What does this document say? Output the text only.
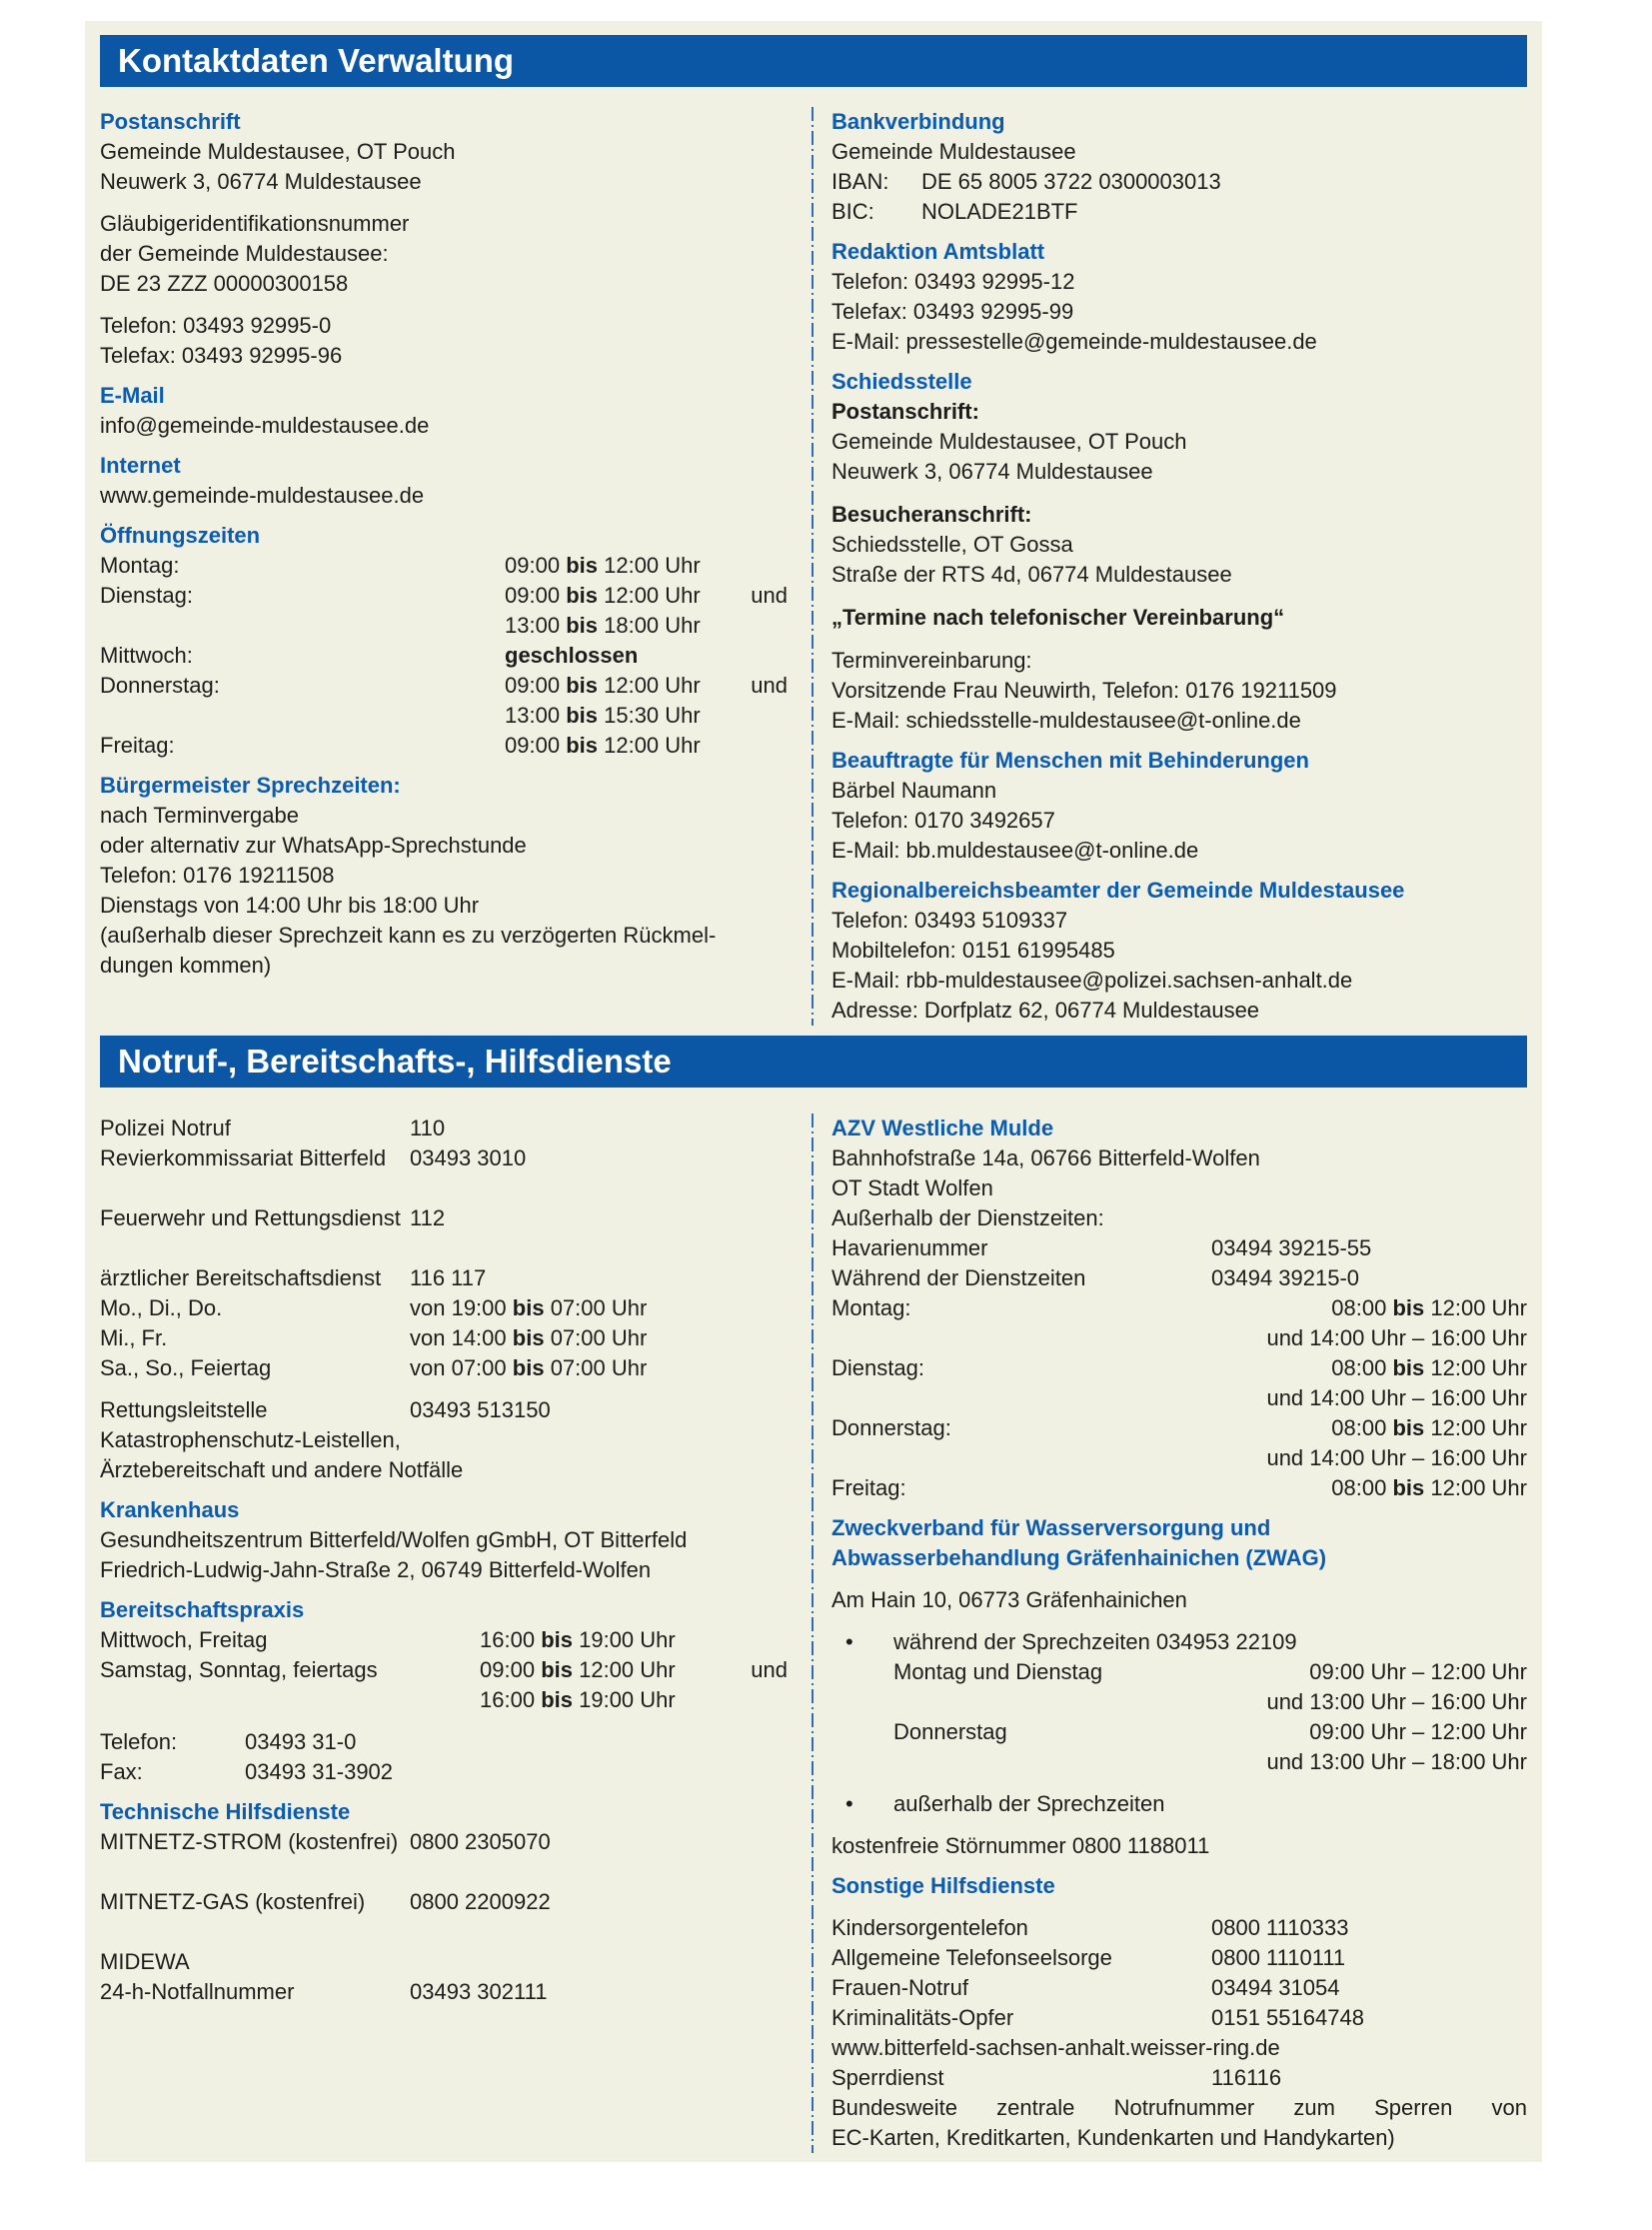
Kontaktdaten Verwaltung
Postanschrift
Gemeinde Muldestausee, OT Pouch
Neuwerk 3, 06774 Muldestausee
Gläubigeridentifikationsnummer
der Gemeinde Muldestausee:
DE 23 ZZZ 00000300158
Telefon: 03493 92995-0
Telefax: 03493 92995-96
E-Mail
info@gemeinde-muldestausee.de
Internet
www.gemeinde-muldestausee.de
Öffnungszeiten
Montag:	09:00 bis 12:00 Uhr
Dienstag:	09:00 bis 12:00 Uhr und
13:00 bis 18:00 Uhr
Mittwoch:	geschlossen
Donnerstag:	09:00 bis 12:00 Uhr und
13:00 bis 15:30 Uhr
Freitag:	09:00 bis 12:00 Uhr
Bürgermeister Sprechzeiten:
nach Terminvergabe
oder alternativ zur WhatsApp-Sprechstunde
Telefon: 0176 19211508
Dienstags von 14:00 Uhr bis 18:00 Uhr
(außerhalb dieser Sprechzeit kann es zu verzögerten Rückmel-
dungen kommen)
Bankverbindung
Gemeinde Muldestausee
IBAN:	DE 65 8005 3722 0300003013
BIC:	NOLADE21BTF
Redaktion Amtsblatt
Telefon: 03493 92995-12
Telefax: 03493 92995-99
E-Mail: pressestelle@gemeinde-muldestausee.de
Schiedsstelle
Postanschrift:
Gemeinde Muldestausee, OT Pouch
Neuwerk 3, 06774 Muldestausee
Besucheranschrift:
Schiedsstelle, OT Gossa
Straße der RTS 4d, 06774 Muldestausee
„Termine nach telefonischer Vereinbarung“
Terminvereinbarung:
Vorsitzende Frau Neuwirth, Telefon: 0176 19211509
E-Mail: schiedsstelle-muldestausee@t-online.de
Beauftragte für Menschen mit Behinderungen
Bärbel Naumann
Telefon: 0170 3492657
E-Mail: bb.muldestausee@t-online.de
Regionalbereichsbeamter der Gemeinde Muldestausee
Telefon: 03493 5109337
Mobiltelefon: 0151 61995485
E-Mail: rbb-muldestausee@polizei.sachsen-anhalt.de
Adresse: Dorfplatz 62, 06774 Muldestausee
Notruf-, Bereitschafts-, Hilfsdienste
Polizei Notruf	110
Revierkommissariat Bitterfeld	03493 3010
Feuerwehr und Rettungsdienst 112
ärztlicher Bereitschaftsdienst	116 117
Mo., Di., Do.	von 19:00 bis 07:00 Uhr
Mi., Fr.	von 14:00 bis 07:00 Uhr
Sa., So., Feiertag	von 07:00 bis 07:00 Uhr
Rettungsleitstelle	03493 513150
Katastrophenschutz-Leistellen,
Ärztebereitschaft und andere Notfälle
Krankenhaus
Gesundheitszentrum Bitterfeld/Wolfen gGmbH, OT Bitterfeld
Friedrich-Ludwig-Jahn-Straße 2, 06749 Bitterfeld-Wolfen
Bereitschaftspraxis
Mittwoch, Freitag	16:00 bis 19:00 Uhr
Samstag, Sonntag, feiertags	09:00 bis 12:00 Uhr	und
16:00 bis 19:00 Uhr
Telefon:	03493 31-0
Fax:	03493 31-3902
Technische Hilfsdienste
MITNETZ-STROM (kostenfrei) 0800 2305070
MITNETZ-GAS (kostenfrei)	0800 2200922
MIDEWA
24-h-Notfallnummer	03493 302111
AZV Westliche Mulde
Bahnhofstraße 14a, 06766 Bitterfeld-Wolfen
OT Stadt Wolfen
Außerhalb der Dienstzeiten:
Havarienummer	03494 39215-55
Während der Dienstzeiten	03494 39215-0
Montag:	08:00 bis 12:00 Uhr
und 14:00 Uhr – 16:00 Uhr
Dienstag:	08:00 bis 12:00 Uhr
und 14:00 Uhr – 16:00 Uhr
Donnerstag:	08:00 bis 12:00 Uhr
und 14:00 Uhr – 16:00 Uhr
Freitag:	08:00 bis 12:00 Uhr
Zweckverband für Wasserversorgung und
Abwasserbehandlung Gräfenhainichen (ZWAG)
Am Hain 10, 06773 Gräfenhainichen
•	während der Sprechzeiten 034953 22109
Montag und Dienstag	09:00 Uhr – 12:00 Uhr
und 13:00 Uhr – 16:00 Uhr
Donnerstag	09:00 Uhr – 12:00 Uhr
und 13:00 Uhr – 18:00 Uhr
•	außerhalb der Sprechzeiten
kostenfreie Störnummer 0800 1188011
Sonstige Hilfsdienste
Kindersorgentelefon	0800 1110333
Allgemeine Telefonseelsorge	0800 1110111
Frauen-Notruf	03494 31054
Kriminalitäts-Opfer	0151 55164748
www.bitterfeld-sachsen-anhalt.weisser-ring.de
Sperrdienst	116116
Bundesweite zentrale Notrufnummer zum Sperren von
EC-Karten, Kreditkarten, Kundenkarten und Handykarten)
